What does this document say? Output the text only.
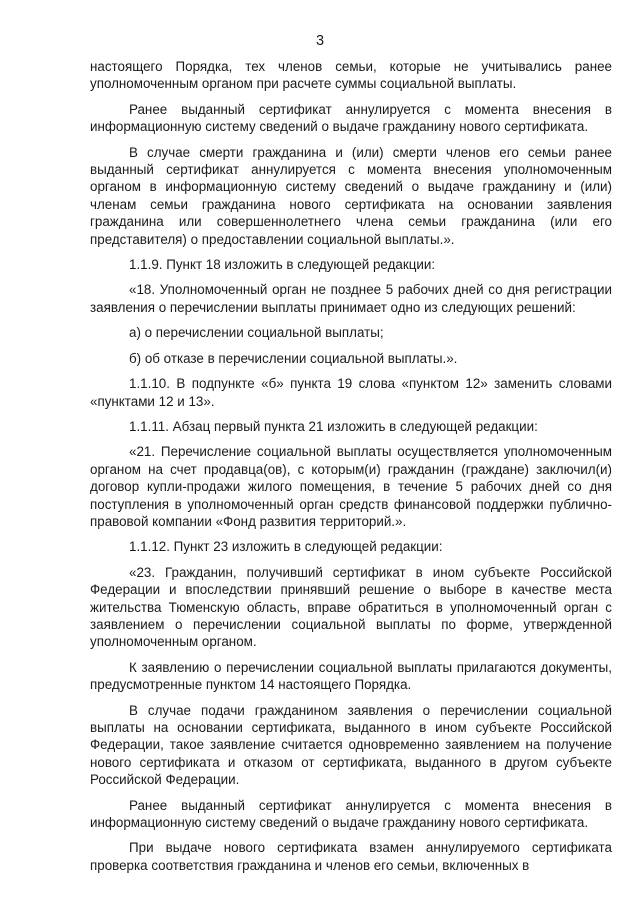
3

настоящего Порядка, тех членов семьи, которые не учитывались ранее уполномоченным органом при расчете суммы социальной выплаты.

Ранее выданный сертификат аннулируется с момента внесения в информационную систему сведений о выдаче гражданину нового сертификата.

В случае смерти гражданина и (или) смерти членов его семьи ранее выданный сертификат аннулируется с момента внесения уполномоченным органом в информационную систему сведений о выдаче гражданину и (или) членам семьи гражданина нового сертификата на основании заявления гражданина или совершеннолетнего члена семьи гражданина (или его представителя) о предоставлении социальной выплаты.».

1.1.9. Пункт 18 изложить в следующей редакции:

«18. Уполномоченный орган не позднее 5 рабочих дней со дня регистрации заявления о перечислении выплаты принимает одно из следующих решений:

а) о перечислении социальной выплаты;

б) об отказе в перечислении социальной выплаты.».

1.1.10. В подпункте «б» пункта 19 слова «пунктом 12» заменить словами «пунктами 12 и 13».

1.1.11. Абзац первый пункта 21 изложить в следующей редакции:

«21. Перечисление социальной выплаты осуществляется уполномоченным органом на счет продавца(ов), с которым(и) гражданин (граждане) заключил(и) договор купли-продажи жилого помещения, в течение 5 рабочих дней со дня поступления в уполномоченный орган средств финансовой поддержки публично-правовой компании «Фонд развития территорий.».

1.1.12. Пункт 23 изложить в следующей редакции:

«23. Гражданин, получивший сертификат в ином субъекте Российской Федерации и впоследствии принявший решение о выборе в качестве места жительства Тюменскую область, вправе обратиться в уполномоченный орган с заявлением о перечислении социальной выплаты по форме, утвержденной уполномоченным органом.

К заявлению о перечислении социальной выплаты прилагаются документы, предусмотренные пунктом 14 настоящего Порядка.

В случае подачи гражданином заявления о перечислении социальной выплаты на основании сертификата, выданного в ином субъекте Российской Федерации, такое заявление считается одновременно заявлением на получение нового сертификата и отказом от сертификата, выданного в другом субъекте Российской Федерации.

Ранее выданный сертификат аннулируется с момента внесения в информационную систему сведений о выдаче гражданину нового сертификата.

При выдаче нового сертификата взамен аннулируемого сертификата проверка соответствия гражданина и членов его семьи, включенных в
